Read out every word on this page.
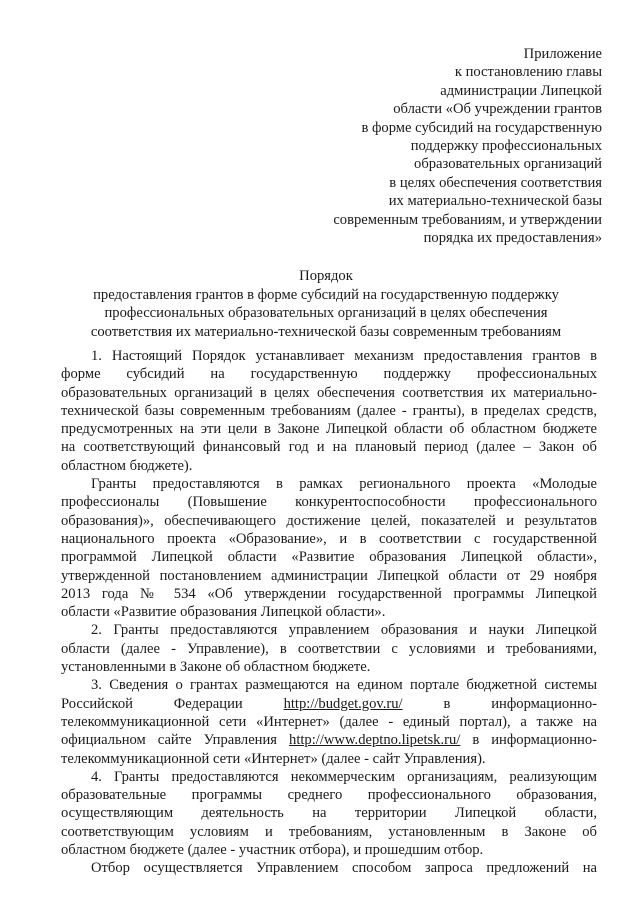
Приложение
к постановлению главы
администрации Липецкой
области «Об учреждении грантов
в форме субсидий на государственную
поддержку профессиональных
образовательных организаций
в целях обеспечения соответствия
их материально-технической базы
современным требованиям, и утверждении
порядка их предоставления»
Порядок
предоставления грантов в форме субсидий на государственную поддержку
профессиональных образовательных организаций в целях обеспечения
соответствия их материально-технической базы современным требованиям
1. Настоящий Порядок устанавливает механизм предоставления грантов в
форме субсидий на государственную поддержку профессиональных
образовательных организаций в целях обеспечения соответствия их материально-
технической базы современным требованиям (далее - гранты), в пределах средств,
предусмотренных на эти цели в Законе Липецкой области об областном бюджете
на соответствующий финансовый год и на плановый период (далее – Закон об
областном бюджете).
Гранты предоставляются в рамках регионального проекта «Молодые
профессионалы (Повышение конкурентоспособности профессионального
образования)», обеспечивающего достижение целей, показателей и результатов
национального проекта «Образование», и в соответствии с государственной
программой Липецкой области «Развитие образования Липецкой области»,
утвержденной постановлением администрации Липецкой области от 29 ноября
2013 года № 534 «Об утверждении государственной программы Липецкой
области «Развитие образования Липецкой области».
2. Гранты предоставляются управлением образования и науки Липецкой
области (далее - Управление), в соответствии с условиями и требованиями,
установленными в Законе об областном бюджете.
3. Сведения о грантах размещаются на едином портале бюджетной системы
Российской Федерации	http://budget.gov.ru/	в информационно-
телекоммуникационной сети «Интернет» (далее - единый портал), а также на
официальном сайте Управления http://www.deptno.lipetsk.ru/ в информационно-
телекоммуникационной сети «Интернет» (далее - сайт Управления).
4. Гранты предоставляются некоммерческим организациям, реализующим
образовательные программы среднего профессионального образования,
осуществляющим деятельность на территории Липецкой области,
соответствующим условиям и требованиям, установленным в Законе об
областном бюджете (далее - участник отбора), и прошедшим отбор.
Отбор осуществляется Управлением способом запроса предложений на
